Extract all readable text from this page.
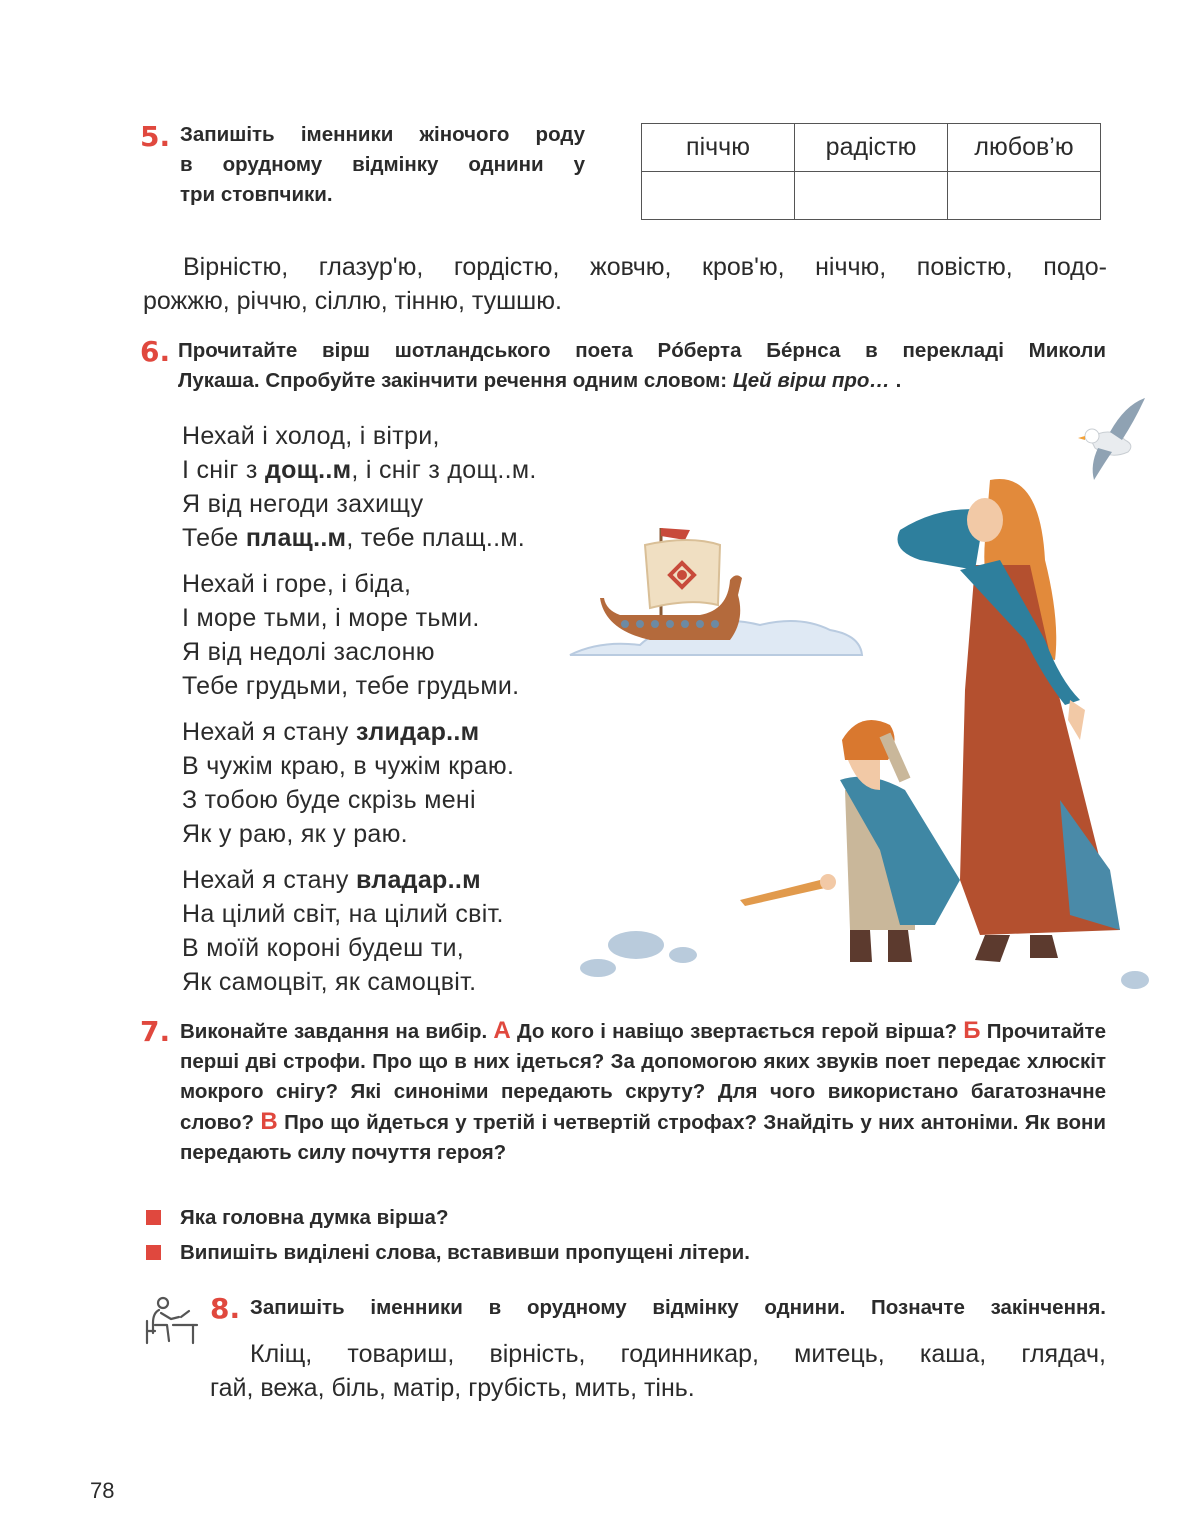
5. Запишіть іменники жіночого роду
в орудному відмінку однини у
три стовпчики.
піччю	радістю	любов’ю

Вірністю, глазур'ю, гордістю, жовчю, кров'ю, ніччю, повістю, подо-
рожжю, річчю, сіллю, тінню, тушшю.
6. Прочитайте вірш шотландського поета Рóберта Бéрнса в перекладі Миколи
Лукаша. Спробуйте закінчити речення одним словом: Цей вірш про… .
Нехай і холод, і вітри,
І сніг з дощ..м, і сніг з дощ..м.
Я від негоди захищу
Тебе плащ..м, тебе плащ..м.
Нехай і горе, і біда,
І море тьми, і море тьми.
Я від недолі заслоню
Тебе грудьми, тебе грудьми.
Нехай я стану злидар..м
В чужім краю, в чужім краю.
З тобою буде скрізь мені
Як у раю, як у раю.
Нехай я стану владар..м
На цілий світ, на цілий світ.
В моїй короні будеш ти,
Як самоцвіт, як самоцвіт.
7. Виконайте завдання на вибір. А До кого і навіщо звертається герой вірша? Б Прочитайте перші дві строфи. Про що в них ідеться? За допомогою яких звуків поет передає хлюскіт мокрого снігу? Які синоніми передають скруту? Для чого використано багатозначне слово? В Про що йдеться у третій і четвертій строфах? Знайдіть у них антоніми. Як вони передають силу почуття героя?
Яка головна думка вірша?
Випишіть виділені слова, вставивши пропущені літери.
8. Запишіть іменники в орудному відмінку однини. Позначте закінчення.
Кліщ, товариш, вірність, годинникар, митець, каша, глядач,
гай, вежа, біль, матір, грубість, мить, тінь.
78
